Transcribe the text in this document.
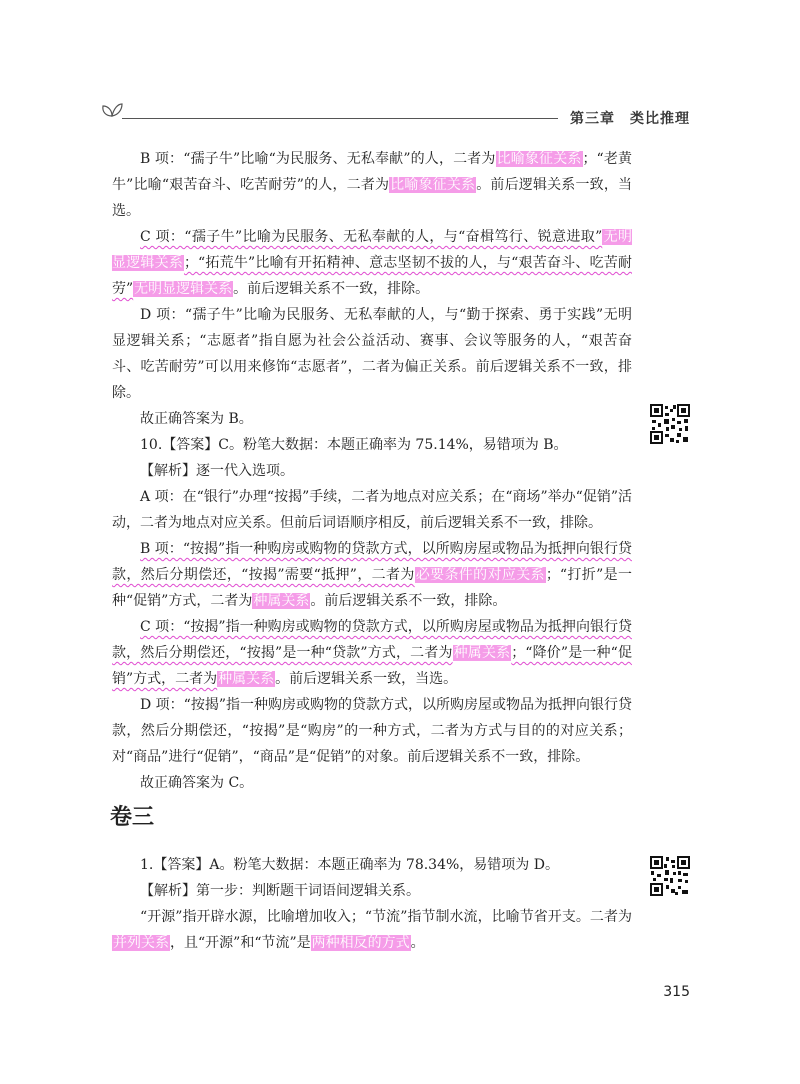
第三章　类比推理

B 项：“孺子牛”比喻“为民服务、无私奉献”的人，二者为比喻象征关系；“老黄牛”比喻“艰苦奋斗、吃苦耐劳”的人，二者为比喻象征关系。前后逻辑关系一致，当选。

C 项：“孺子牛”比喻为民服务、无私奉献的人，与“奋楫笃行、锐意进取”无明显逻辑关系；“拓荒牛”比喻有开拓精神、意志坚韧不拔的人，与“艰苦奋斗、吃苦耐劳”无明显逻辑关系。前后逻辑关系不一致，排除。

D 项：“孺子牛”比喻为民服务、无私奉献的人，与“勤于探索、勇于实践”无明显逻辑关系；“志愿者”指自愿为社会公益活动、赛事、会议等服务的人，“艰苦奋斗、吃苦耐劳”可以用来修饰“志愿者”，二者为偏正关系。前后逻辑关系不一致，排除。

故正确答案为 B。

10.【答案】C。粉笔大数据：本题正确率为 75.14%，易错项为 B。

【解析】逐一代入选项。

A 项：在“银行”办理“按揭”手续，二者为地点对应关系；在“商场”举办“促销”活动，二者为地点对应关系。但前后词语顺序相反，前后逻辑关系不一致，排除。

B 项：“按揭”指一种购房或购物的贷款方式，以所购房屋或物品为抵押向银行贷款，然后分期偿还，“按揭”需要“抵押”，二者为必要条件的对应关系；“打折”是一种“促销”方式，二者为种属关系。前后逻辑关系不一致，排除。

C 项：“按揭”指一种购房或购物的贷款方式，以所购房屋或物品为抵押向银行贷款，然后分期偿还，“按揭”是一种“贷款”方式，二者为种属关系；“降价”是一种“促销”方式，二者为种属关系。前后逻辑关系一致，当选。

D 项：“按揭”指一种购房或购物的贷款方式，以所购房屋或物品为抵押向银行贷款，然后分期偿还，“按揭”是“购房”的一种方式，二者为方式与目的的对应关系；对“商品”进行“促销”，“商品”是“促销”的对象。前后逻辑关系不一致，排除。

故正确答案为 C。

卷三

1.【答案】A。粉笔大数据：本题正确率为 78.34%，易错项为 D。

【解析】第一步：判断题干词语间逻辑关系。

“开源”指开辟水源，比喻增加收入；“节流”指节制水流，比喻节省开支。二者为并列关系，且“开源”和“节流”是两种相反的方式。

315
